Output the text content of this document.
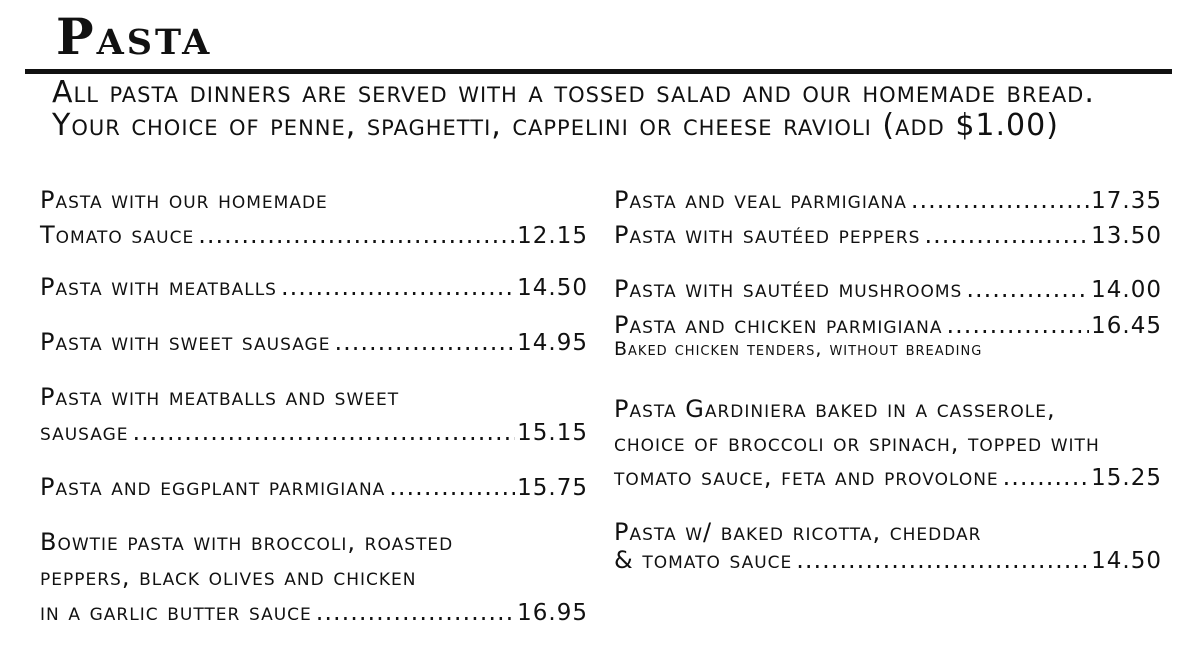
Pasta
All pasta dinners are served with a tossed salad and our homemade bread. Your choice of penne, spaghetti, cappelini or cheese ravioli (add $1.00)
Pasta with our homemade
Tomato sauce .....	12.15
Pasta with meatballs .....	14.50
Pasta with sweet sausage .....	14.95
Pasta with meatballs and sweet
sausage .....	15.15
Pasta and eggplant parmigiana .....	15.75
Bowtie pasta with broccoli, roasted
peppers, black olives and chicken
in a garlic butter sauce .....	16.95
Pasta and veal parmigiana .....	17.35
Pasta with sautéed peppers .....	13.50
Pasta with sautéed mushrooms .....	14.00
Pasta and chicken parmigiana .....	16.45
Baked chicken tenders, without breading
Pasta Gardiniera baked in a casserole,
choice of broccoli or spinach, topped with
tomato sauce, feta and provolone .....	15.25
Pasta w/ baked ricotta, cheddar
& tomato sauce .....	14.50
